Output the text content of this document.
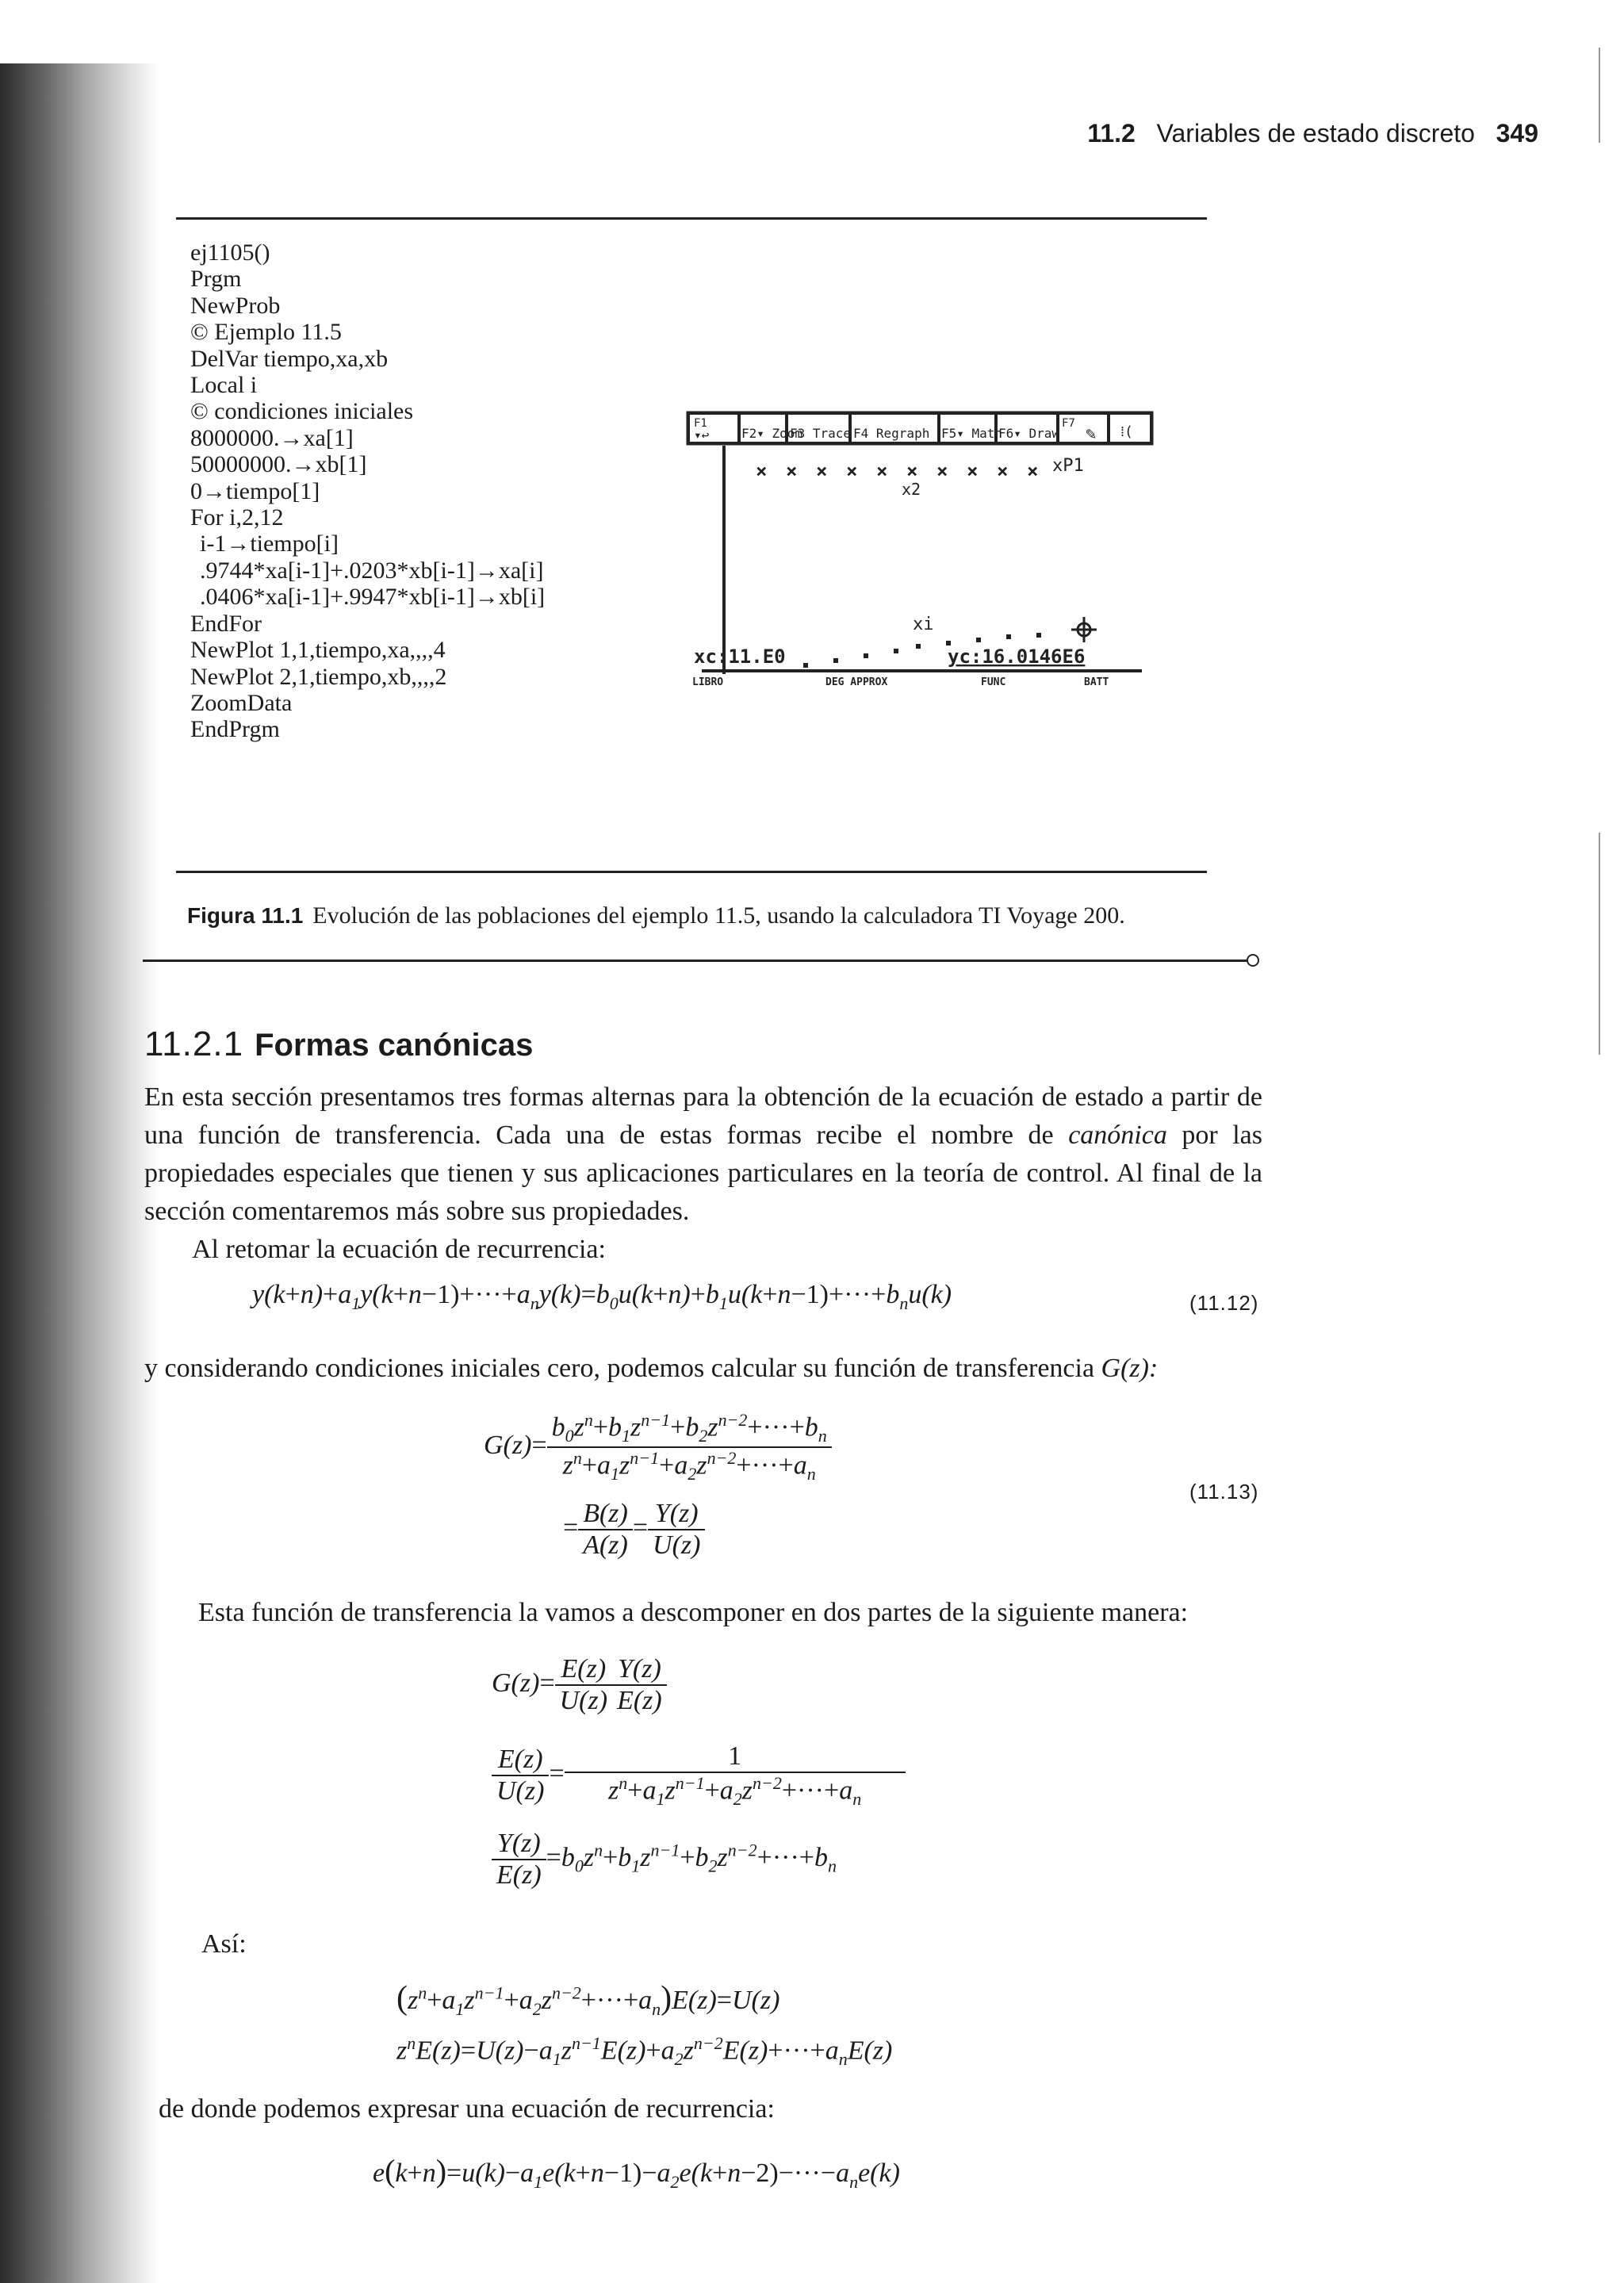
11.2 Variables de estado discreto 349
ej1105()
Prgm
NewProb
© Ejemplo 11.5
DelVar tiempo,xa,xb
Local i
© condiciones iniciales
8000000.→xa[1]
50000000.→xb[1]
0→tiempo[1]
For i,2,12
i-1→tiempo[i]
.9744*xa[i-1]+.0203*xb[i-1]→xa[i]
.0406*xa[i-1]+.9947*xb[i-1]→xb[i]
EndFor
NewPlot 1,1,tiempo,xa,,,,4
NewPlot 2,1,tiempo,xb,,,,2
ZoomData
EndPrgm
F1
▾↩	F2▾ Zoom
F3 Trace F4 Regraph F5▾ Math
F6▾ Draw
F7
✎ ⁞(
× × × × × × × × × × xP1
x2
xi
xc:11.E0	yc:16.0146E6
LIBRO	DEG APPROX	FUNC	BATT
Figura 11.1 Evolución de las poblaciones del ejemplo 11.5, usando la calculadora TI Voyage 200.
11.2.1 Formas canónicas
En esta sección presentamos tres formas alternas para la obtención de la ecuación de estado a partir de una función de transferencia. Cada una de estas formas recibe el nombre de canónica por las propiedades especiales que tienen y sus aplicaciones particulares en la teoría de control. Al final de la sección comentaremos más sobre sus propiedades.
Al retomar la ecuación de recurrencia:
$y(k+n)+a_1y(k+n-1)+\cdot\cdot\cdot+a_ny(k)=b_0u(k+n)+b_1u(k+n-1)+\cdot\cdot\cdot+b_nu(k)$	(11.12)
y considerando condiciones iniciales cero, podemos calcular su función de transferencia G(z):
$G(z)= \frac{b_0z^n+b_1z^{n-1}+b_2z^{n-2}+\cdot\cdot\cdot+b_n}{z^n+a_1z^{n-1}+a_2z^{n-2}+\cdot\cdot\cdot+a_n}$
= $\frac{B(z)}{A(z)} = \frac{Y(z)}{U(z)}$
(11.13)
Esta función de transferencia la vamos a descomponer en dos partes de la siguiente manera:
$G(z)= \frac{E(z)}{U(z)} \frac{Y(z)}{E(z)}$
$\frac{E(z)}{U(z)} = \frac{1}{z^n+a_1z^{n-1}+a_2z^{n-2}+\cdot\cdot\cdot+a_n}$
$\frac{Y(z)}{E(z)} =b_0z^n+b_1z^{n-1}+b_2z^{n-2}+\cdot\cdot\cdot+b_n$
Así:
$(z^n+a_1z^{n-1}+a_2z^{n-2}+\cdot\cdot\cdot+a_n)E(z)=U(z)$
$z^nE(z)=U(z)-a_1z^{n-1}E(z)+a_2z^{n-2}E(z)+\cdot\cdot\cdot+a_nE(z)$
de donde podemos expresar una ecuación de recurrencia:
$e(k+n)=u(k)-a_1e(k+n-1)-a_2e(k+n-2)-\cdot\cdot\cdot-a_ne(k)$
